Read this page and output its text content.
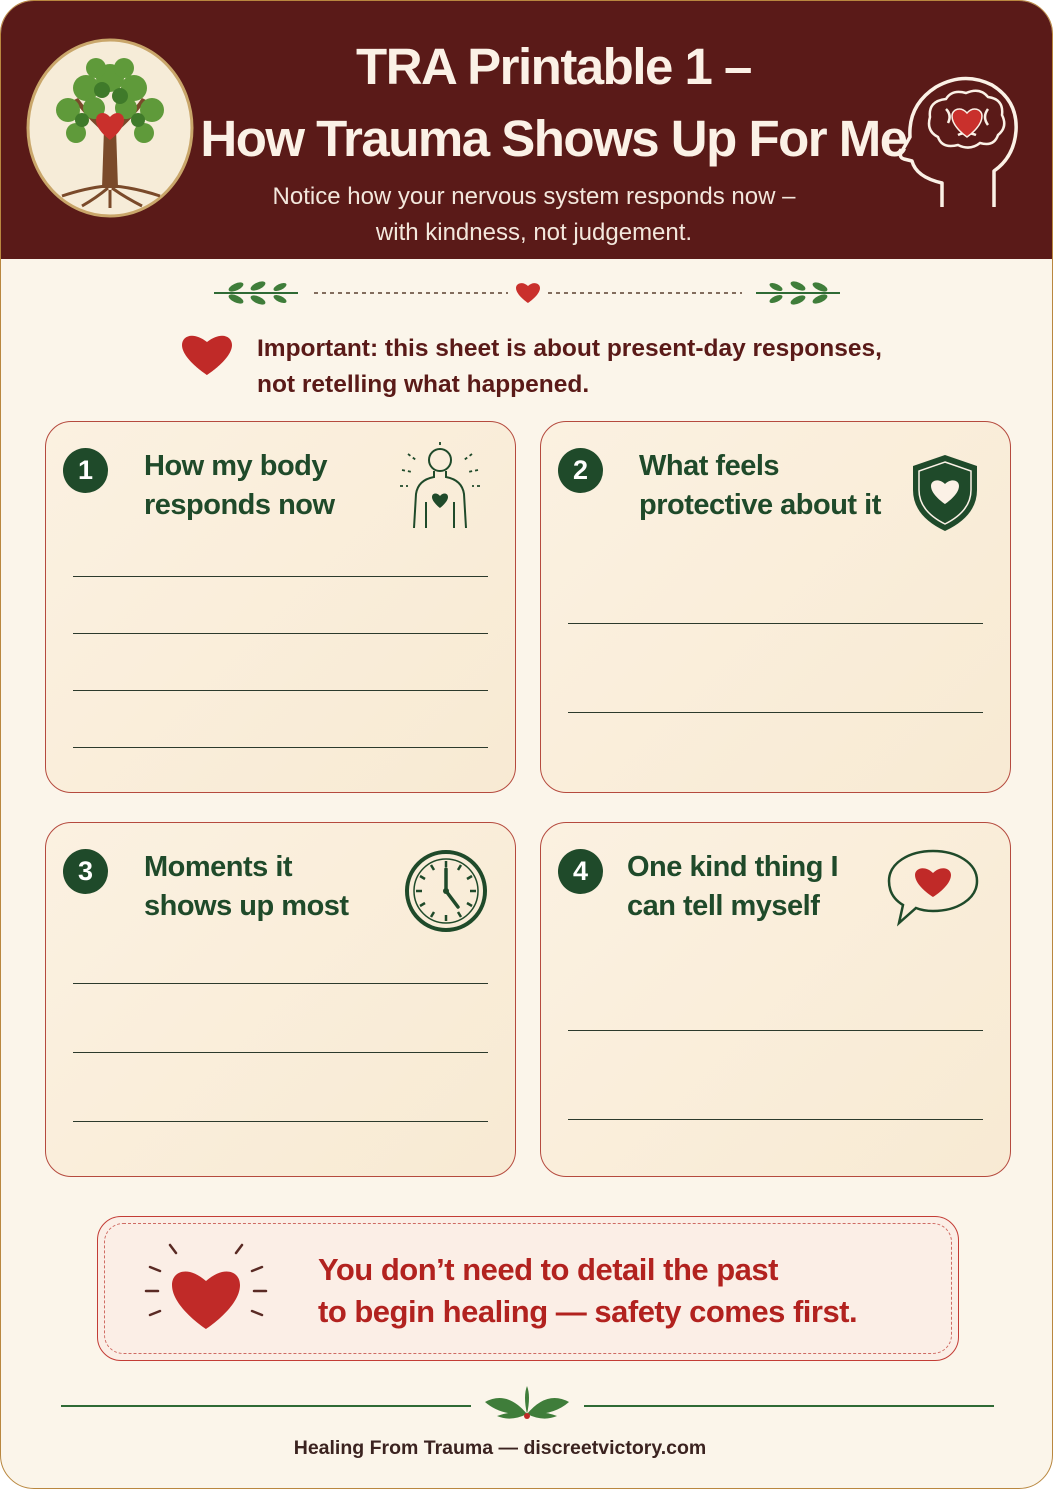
TRA Printable 1 –
How Trauma Shows Up For Me
Notice how your nervous system responds now –
with kindness, not judgement.
Important: this sheet is about present-day responses,
not retelling what happened.
1	How my body
responds now
2	What feels
protective about it
3	Moments it
shows up most
4	One kind thing I
can tell myself
You don’t need to detail the past
to begin healing — safety comes first.
Healing From Trauma — discreetvictory.com
